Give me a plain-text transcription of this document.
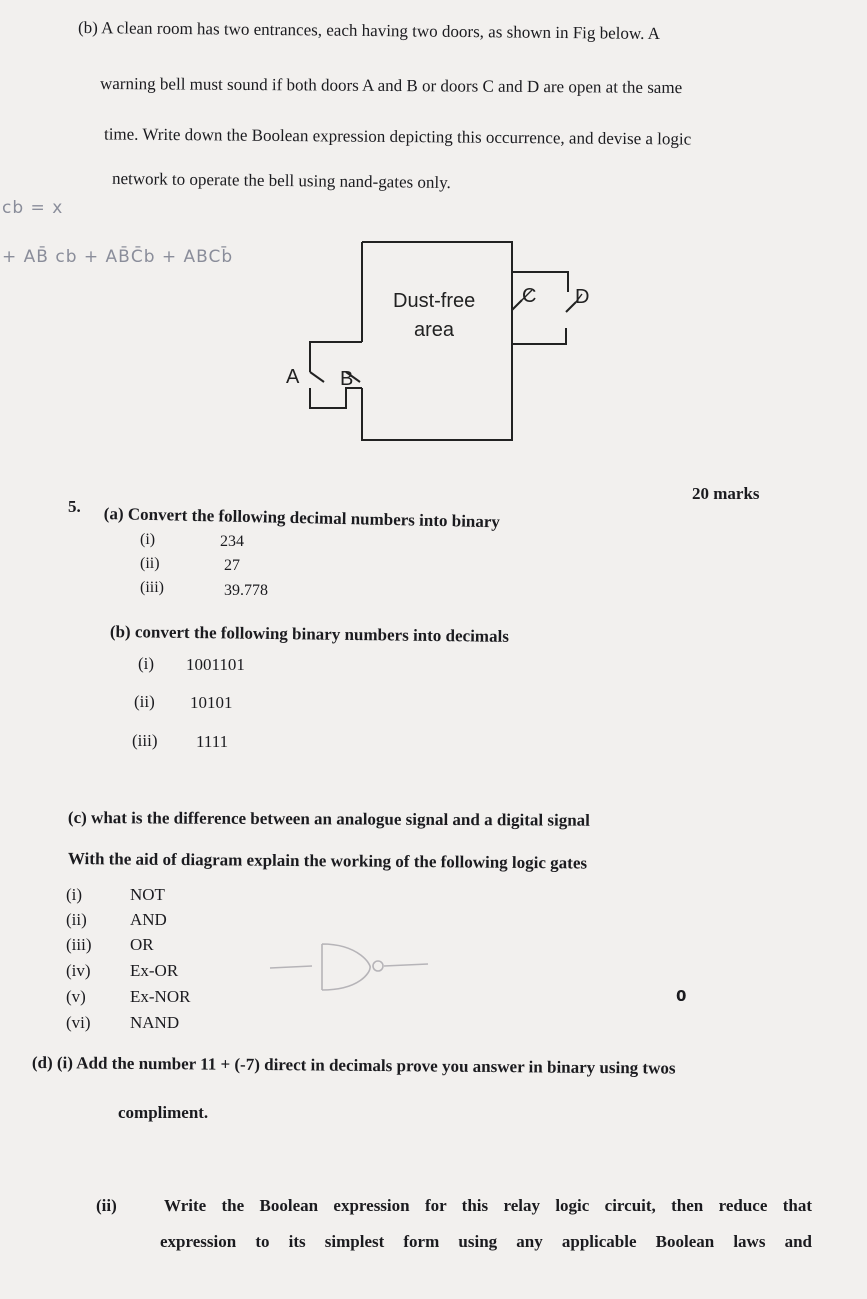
(b) A clean room has two entrances, each having two doors, as shown in Fig below. A
warning bell must sound if both doors A and B or doors C and D are open at the same
time. Write down the Boolean expression depicting this occurrence, and devise a logic
network to operate the bell using nand-gates only.
cb = x
+ AB̄ cb + AB̄C̄b + ABCb̄
Dust-free
area
A B
C D
20 marks
5. (a) Convert the following decimal numbers into binary
(i)	234
(ii)	27
(iii)	39.778
(b) convert the following binary numbers into decimals
(i) 1001101
(ii) 10101
(iii) 1111
(c) what is the difference between an analogue signal and a digital signal
With the aid of diagram explain the working of the following logic gates
(i)	NOT
(ii)	AND
(iii) OR
(iv) Ex-OR
(v)	Ex-NOR
(vi) NAND
0
(d) (i) Add the number 11 + (-7) direct in decimals prove you answer in binary using twos
compliment.
(ii)	Write the Boolean expression for this relay logic circuit, then reduce that
expression to its simplest form using any applicable Boolean laws and
